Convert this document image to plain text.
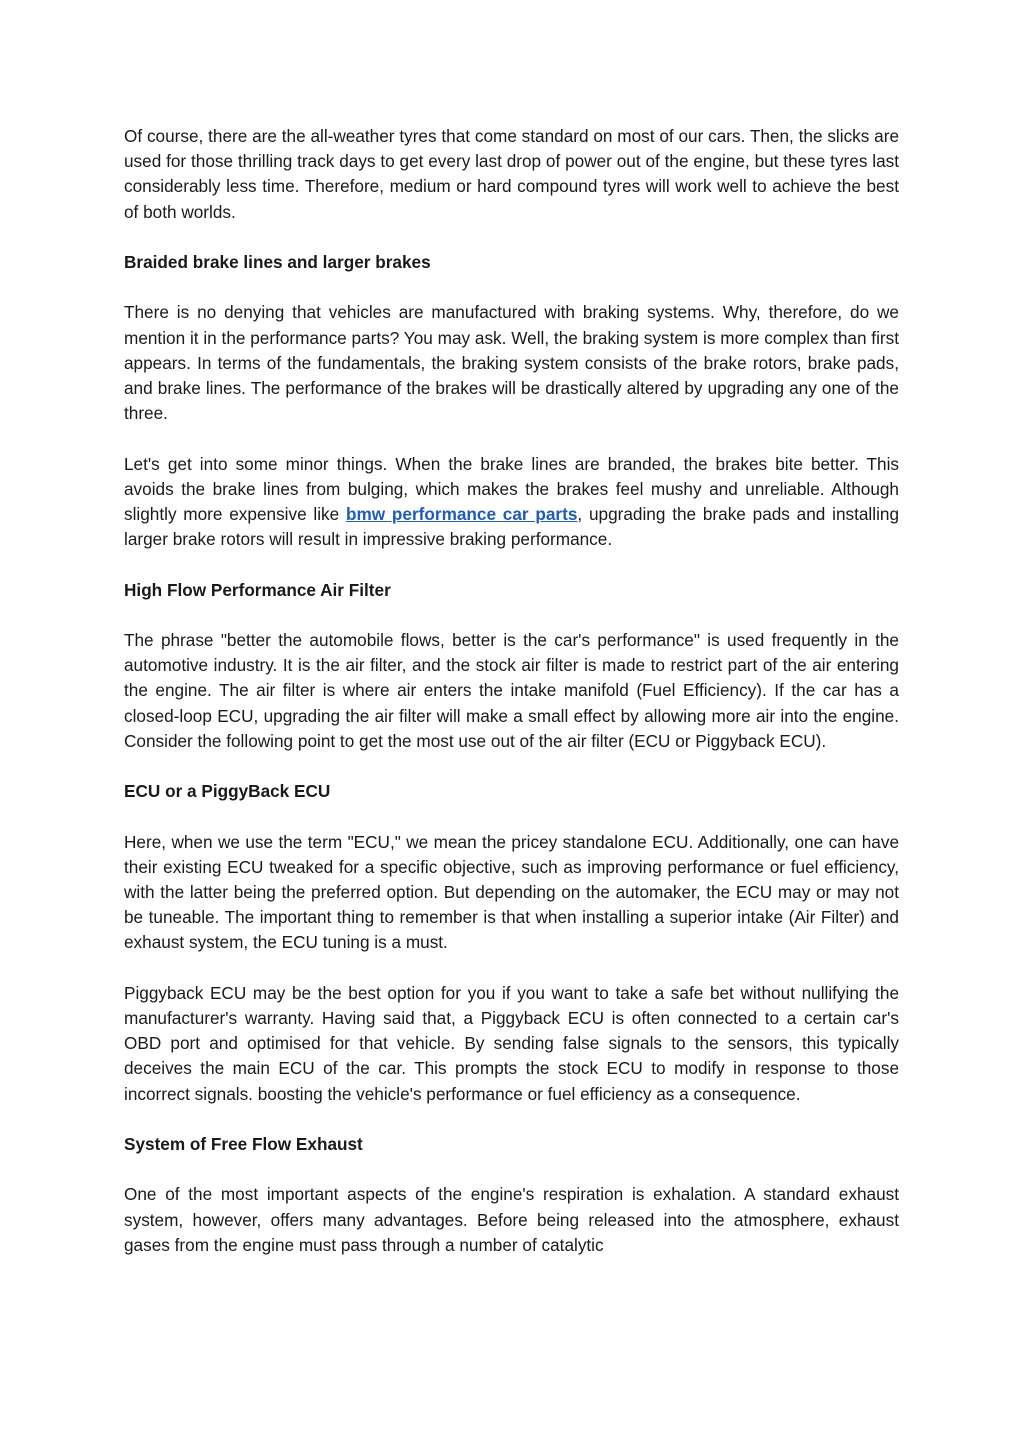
Of course, there are the all-weather tyres that come standard on most of our cars. Then, the slicks are used for those thrilling track days to get every last drop of power out of the engine, but these tyres last considerably less time. Therefore, medium or hard compound tyres will work well to achieve the best of both worlds.

Braided brake lines and larger brakes

There is no denying that vehicles are manufactured with braking systems. Why, therefore, do we mention it in the performance parts? You may ask. Well, the braking system is more complex than first appears. In terms of the fundamentals, the braking system consists of the brake rotors, brake pads, and brake lines. The performance of the brakes will be drastically altered by upgrading any one of the three.

Let's get into some minor things. When the brake lines are branded, the brakes bite better. This avoids the brake lines from bulging, which makes the brakes feel mushy and unreliable. Although slightly more expensive like bmw performance car parts, upgrading the brake pads and installing larger brake rotors will result in impressive braking performance.

High Flow Performance Air Filter

The phrase "better the automobile flows, better is the car's performance" is used frequently in the automotive industry. It is the air filter, and the stock air filter is made to restrict part of the air entering the engine. The air filter is where air enters the intake manifold (Fuel Efficiency). If the car has a closed-loop ECU, upgrading the air filter will make a small effect by allowing more air into the engine. Consider the following point to get the most use out of the air filter (ECU or Piggyback ECU).

ECU or a PiggyBack ECU

Here, when we use the term "ECU," we mean the pricey standalone ECU. Additionally, one can have their existing ECU tweaked for a specific objective, such as improving performance or fuel efficiency, with the latter being the preferred option. But depending on the automaker, the ECU may or may not be tuneable. The important thing to remember is that when installing a superior intake (Air Filter) and exhaust system, the ECU tuning is a must.

Piggyback ECU may be the best option for you if you want to take a safe bet without nullifying the manufacturer's warranty. Having said that, a Piggyback ECU is often connected to a certain car's OBD port and optimised for that vehicle. By sending false signals to the sensors, this typically deceives the main ECU of the car. This prompts the stock ECU to modify in response to those incorrect signals. boosting the vehicle's performance or fuel efficiency as a consequence.

System of Free Flow Exhaust

One of the most important aspects of the engine's respiration is exhalation. A standard exhaust system, however, offers many advantages. Before being released into the atmosphere, exhaust gases from the engine must pass through a number of catalytic
